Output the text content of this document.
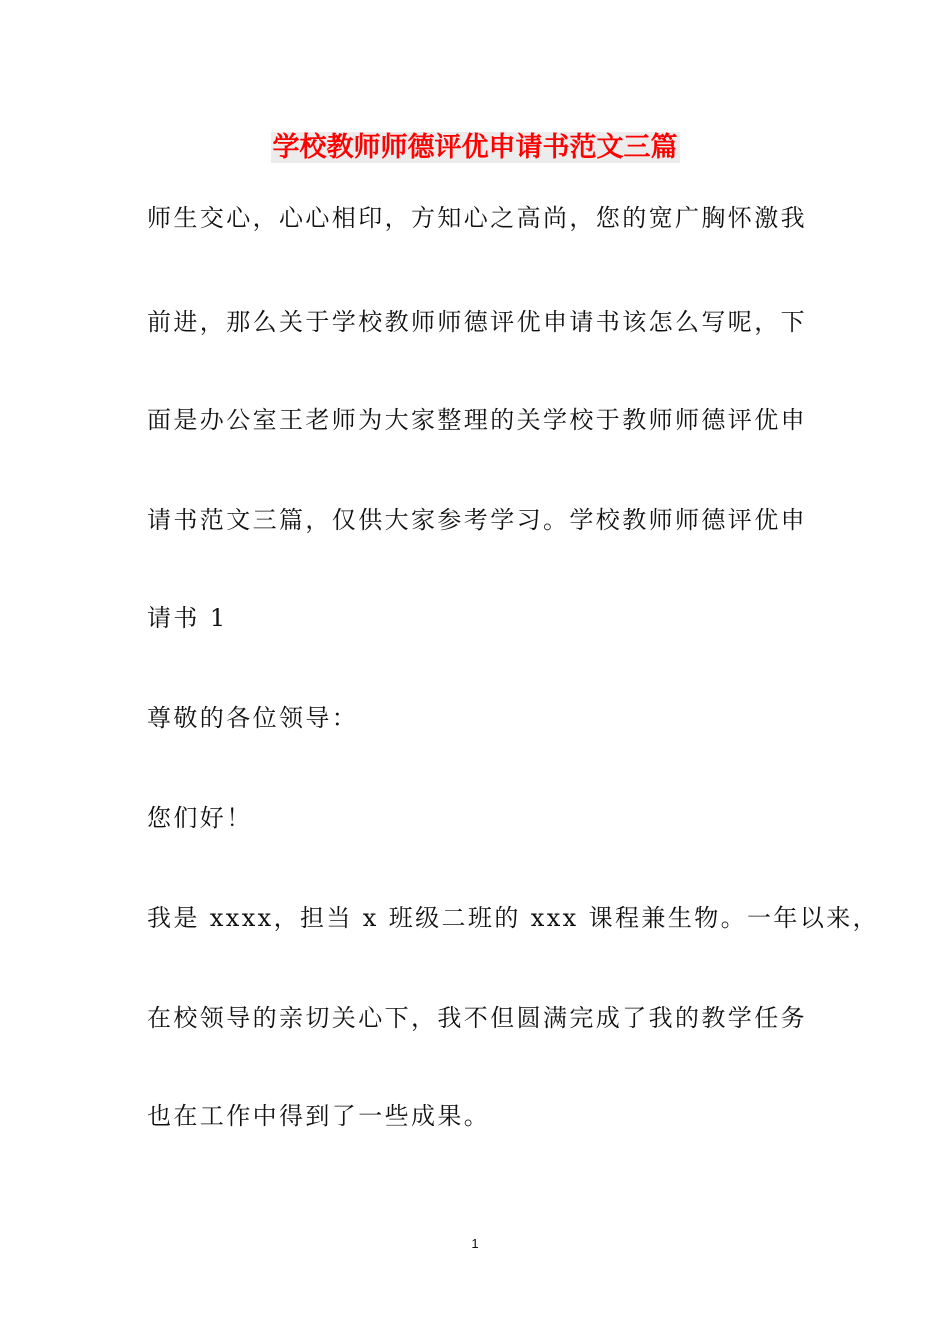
学校教师师德评优申请书范文三篇
师生交心，心心相印，方知心之高尚，您的宽广胸怀激我
前进，那么关于学校教师师德评优申请书该怎么写呢，下
面是办公室王老师为大家整理的关学校于教师师德评优申
请书范文三篇，仅供大家参考学习。学校教师师德评优申
请书 1
尊敬的各位领导：
您们好！
我是 xxxx，担当 x 班级二班的 xxx 课程兼生物。一年以来，
在校领导的亲切关心下，我不但圆满完成了我的教学任务
也在工作中得到了一些成果。
1
